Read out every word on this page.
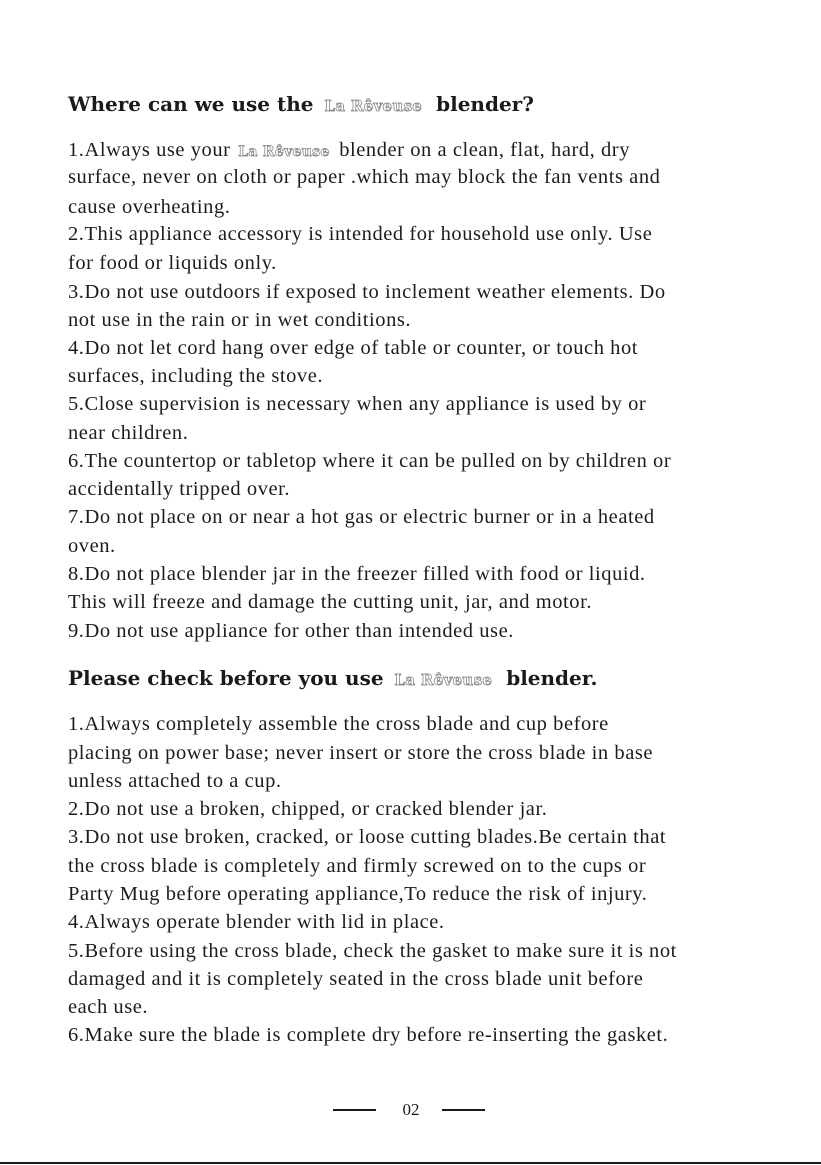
Where can we use the La Rêveuse blender?

1.Always use your La Rêveuse blender on a clean, flat, hard, dry

surface, never on cloth or paper .which may block the fan vents and

cause overheating.

2.This appliance accessory is intended for household use only. Use

for food or liquids only.

3.Do not use outdoors if exposed to inclement weather elements. Do

not use in the rain or in wet conditions.

4.Do not let cord hang over edge of table or counter, or touch hot

surfaces, including the stove.

5.Close supervision is necessary when any appliance is used by or

near children.

6.The countertop or tabletop where it can be pulled on by children or

accidentally tripped over.

7.Do not place on or near a hot gas or electric burner or in a heated

oven.

8.Do not place blender jar in the freezer filled with food or liquid.

This will freeze and damage the cutting unit, jar, and motor.

9.Do not use appliance for other than intended use.

Please check before you use La Rêveuse blender.

1.Always completely assemble the cross blade and cup before

placing on power base; never insert or store the cross blade in base

unless attached to a cup.

2.Do not use a broken, chipped, or cracked blender jar.

3.Do not use broken, cracked, or loose cutting blades.Be certain that

the cross blade is completely and firmly screwed on to the cups or

Party Mug before operating appliance,To reduce the risk of injury.

4.Always operate blender with lid in place.

5.Before using the cross blade, check the gasket to make sure it is not

damaged and it is completely seated in the cross blade unit before

each use.

6.Make sure the blade is complete dry before re-inserting the gasket.

02
